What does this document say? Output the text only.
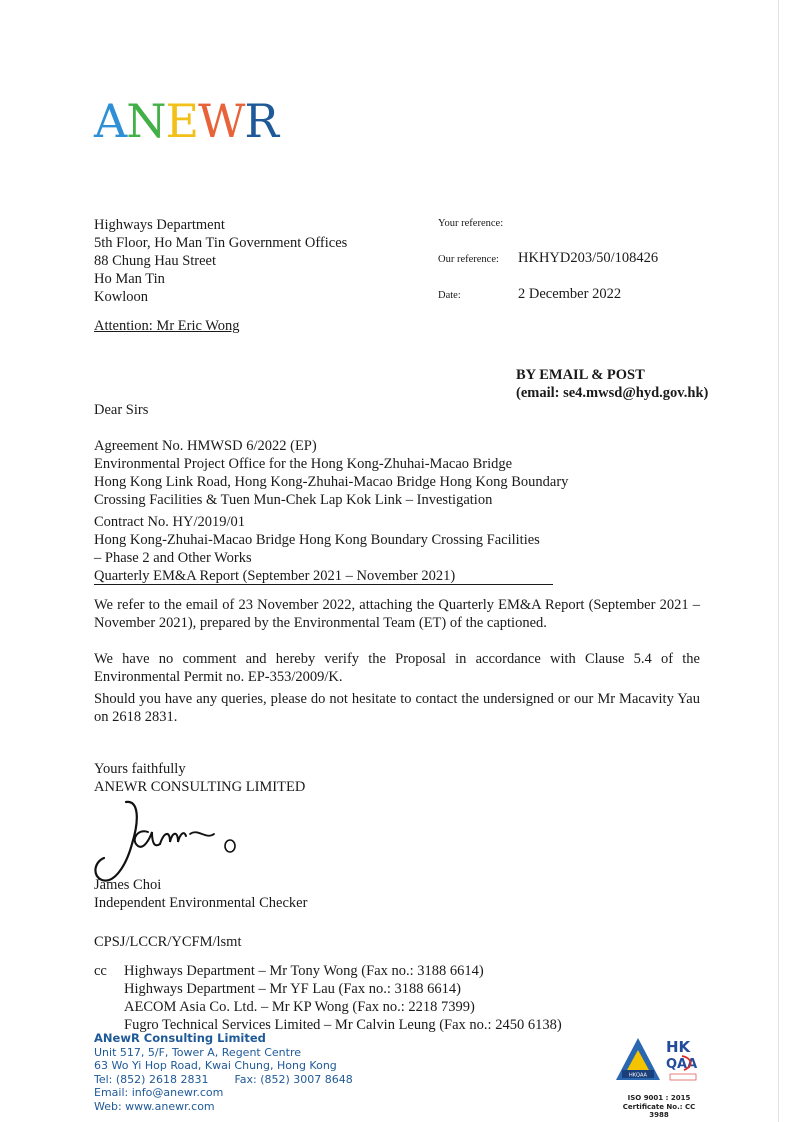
ANEWR
Highways Department
5th Floor, Ho Man Tin Government Offices
88 Chung Hau Street
Ho Man Tin
Kowloon
Attention: Mr Eric Wong
Your reference:
Our reference: HKHYD203/50/108426
Date:	2 December 2022
BY EMAIL & POST
(email: se4.mwsd@hyd.gov.hk)
Dear Sirs
Agreement No. HMWSD 6/2022 (EP)
Environmental Project Office for the Hong Kong-Zhuhai-Macao Bridge
Hong Kong Link Road, Hong Kong-Zhuhai-Macao Bridge Hong Kong Boundary
Crossing Facilities & Tuen Mun-Chek Lap Kok Link – Investigation
Contract No. HY/2019/01
Hong Kong-Zhuhai-Macao Bridge Hong Kong Boundary Crossing Facilities
– Phase 2 and Other Works
Quarterly EM&A Report (September 2021 – November 2021)
We refer to the email of 23 November 2022, attaching the Quarterly EM&A Report (September 2021 – November 2021), prepared by the Environmental Team (ET) of the captioned.
We have no comment and hereby verify the Proposal in accordance with Clause 5.4 of the Environmental Permit no. EP-353/2009/K.
Should you have any queries, please do not hesitate to contact the undersigned or our Mr Macavity Yau on 2618 2831.
Yours faithfully
ANEWR CONSULTING LIMITED
James Choi
Independent Environmental Checker
CPSJ/LCCR/YCFM/lsmt
cc Highways Department – Mr Tony Wong (Fax no.: 3188 6614)
Highways Department – Mr YF Lau (Fax no.: 3188 6614)
AECOM Asia Co. Ltd. – Mr KP Wong (Fax no.: 2218 7399)
Fugro Technical Services Limited – Mr Calvin Leung (Fax no.: 2450 6138)
ANewR Consulting Limited
Unit 517, 5/F, Tower A, Regent Centre
63 Wo Yi Hop Road, Kwai Chung, Hong Kong
Tel: (852) 2618 2831 Fax: (852) 3007 8648
Email: info@anewr.com
Web: www.anewr.com
HKQAA
HK
QAA
ISO 9001 : 2015
Certificate No.: CC 3988
